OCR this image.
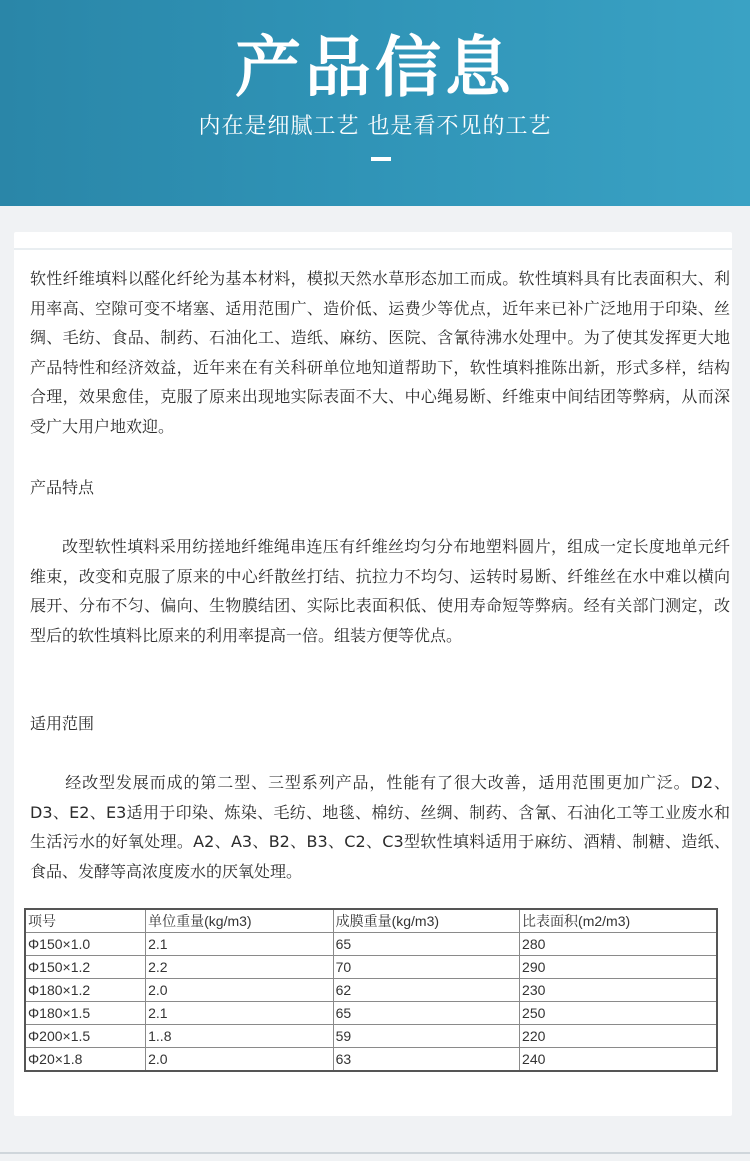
产品信息
内在是细腻工艺 也是看不见的工艺
软性纤维填料以醛化纤纶为基本材料，模拟天然水草形态加工而成。软性填料具有比表面积大、利用率高、空隙可变不堵塞、适用范围广、造价低、运费少等优点，近年来已补广泛地用于印染、丝绸、毛纺、食品、制药、石油化工、造纸、麻纺、医院、含氰待沸水处理中。为了使其发挥更大地产品特性和经济效益，近年来在有关科研单位地知道帮助下，软性填料推陈出新，形式多样，结构合理，效果愈佳，克服了原来出现地实际表面不大、中心绳易断、纤维束中间结团等弊病，从而深受广大用户地欢迎。
产品特点
改型软性填料采用纺搓地纤维绳串连压有纤维丝均匀分布地塑料圆片，组成一定长度地单元纤维束，改变和克服了原来的中心纤散丝打结、抗拉力不均匀、运转时易断、纤维丝在水中难以横向展开、分布不匀、偏向、生物膜结团、实际比表面积低、使用寿命短等弊病。经有关部门测定，改型后的软性填料比原来的利用率提高一倍。组装方便等优点。
适用范围
经改型发展而成的第二型、三型系列产品，性能有了很大改善，适用范围更加广泛。D2、D3、E2、E3适用于印染、炼染、毛纺、地毯、棉纺、丝绸、制药、含氰、石油化工等工业废水和生活污水的好氧处理。A2、A3、B2、B3、C2、C3型软性填料适用于麻纺、酒精、制糖、造纸、食品、发酵等高浓度废水的厌氧处理。
项号	单位重量(kg/m3)	成膜重量(kg/m3)	比表面积(m2/m3)
Φ150×1.0	2.1	65	280
Φ150×1.2	2.2	70	290
Φ180×1.2	2.0	62	230
Φ180×1.5	2.1	65	250
Φ200×1.5	1..8	59	220
Φ20×1.8	2.0	63	240
